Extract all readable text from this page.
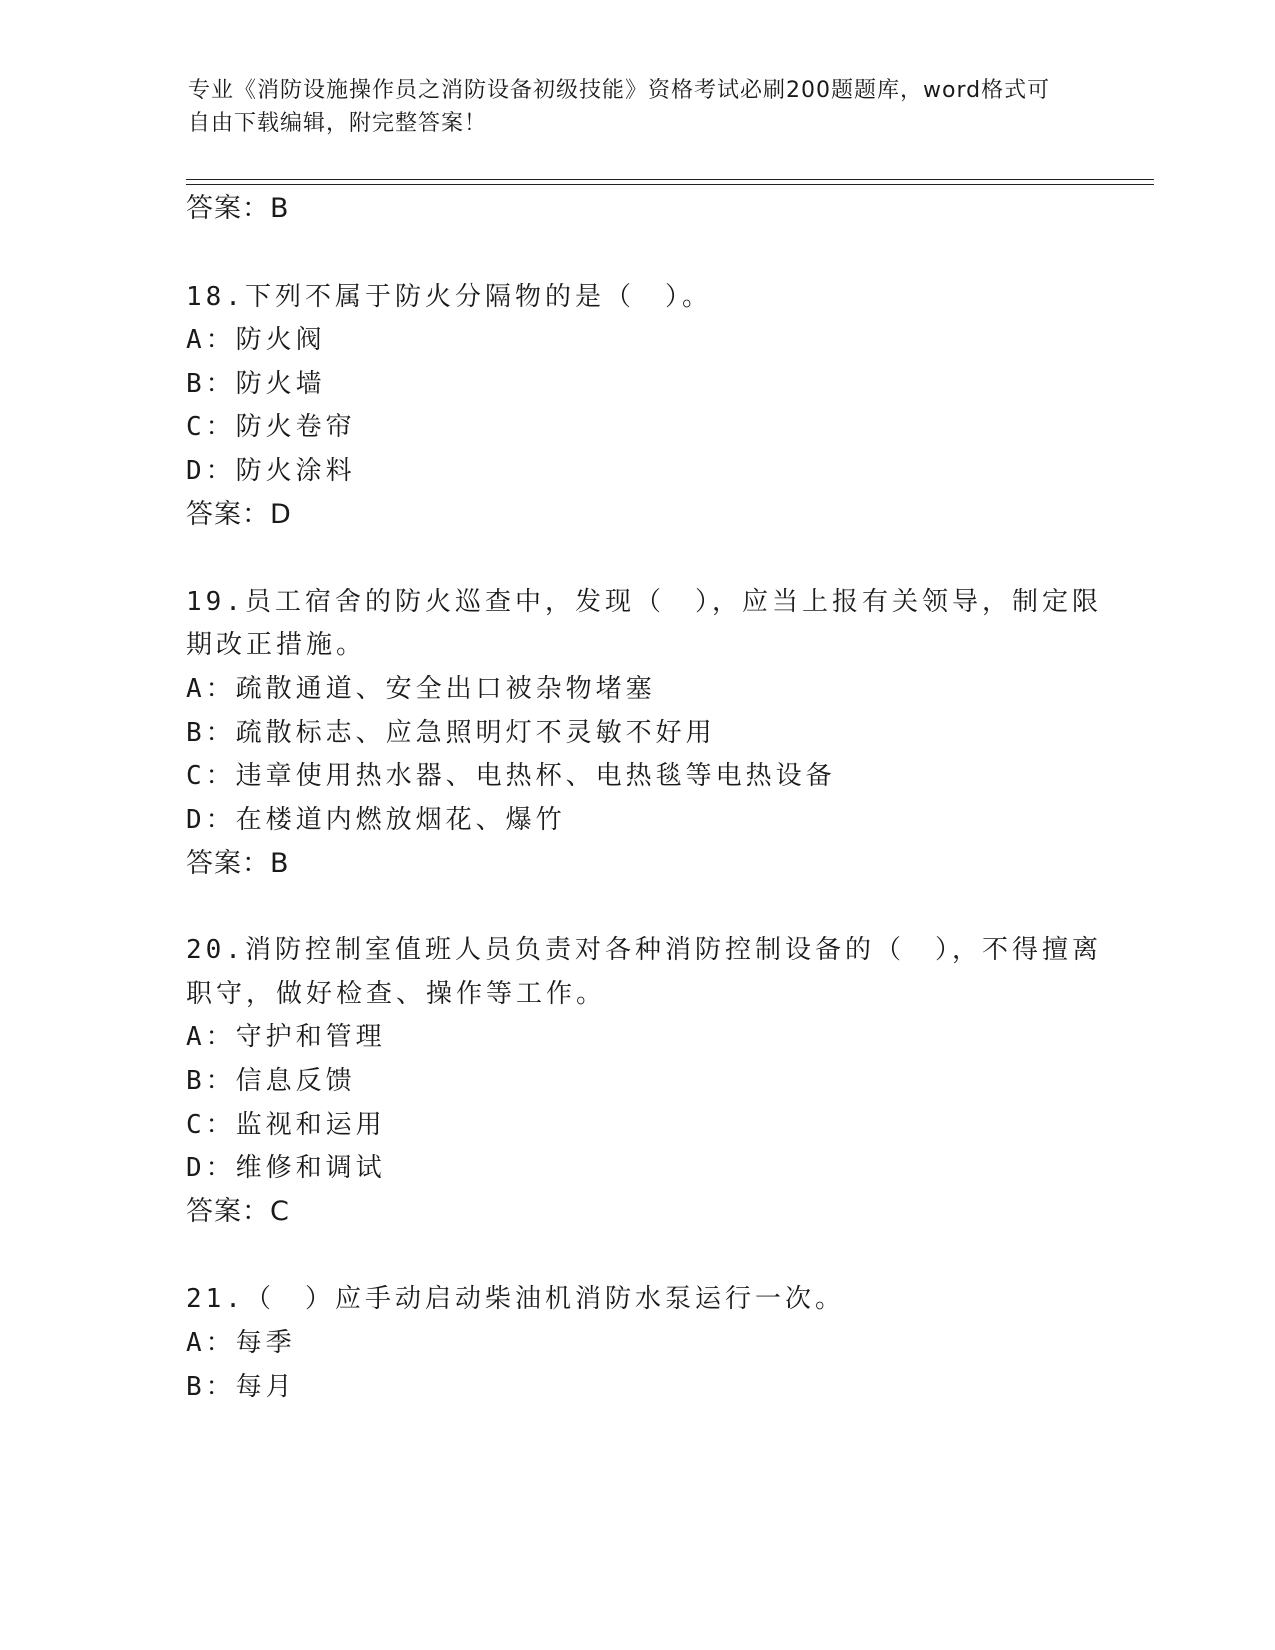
专业《消防设施操作员之消防设备初级技能》资格考试必刷200题题库，word格式可自由下载编辑，附完整答案！
答案：B
18.下列不属于防火分隔物的是（　）。
A：防火阀
B：防火墙
C：防火卷帘
D：防火涂料
答案：D
19.员工宿舍的防火巡查中，发现（　），应当上报有关领导，制定限
期改正措施。
A：疏散通道、安全出口被杂物堵塞
B：疏散标志、应急照明灯不灵敏不好用
C：违章使用热水器、电热杯、电热毯等电热设备
D：在楼道内燃放烟花、爆竹
答案：B
20.消防控制室值班人员负责对各种消防控制设备的（　），不得擅离
职守，做好检查、操作等工作。
A：守护和管理
B：信息反馈
C：监视和运用
D：维修和调试
答案：C
21.（　）应手动启动柴油机消防水泵运行一次。
A：每季
B：每月
